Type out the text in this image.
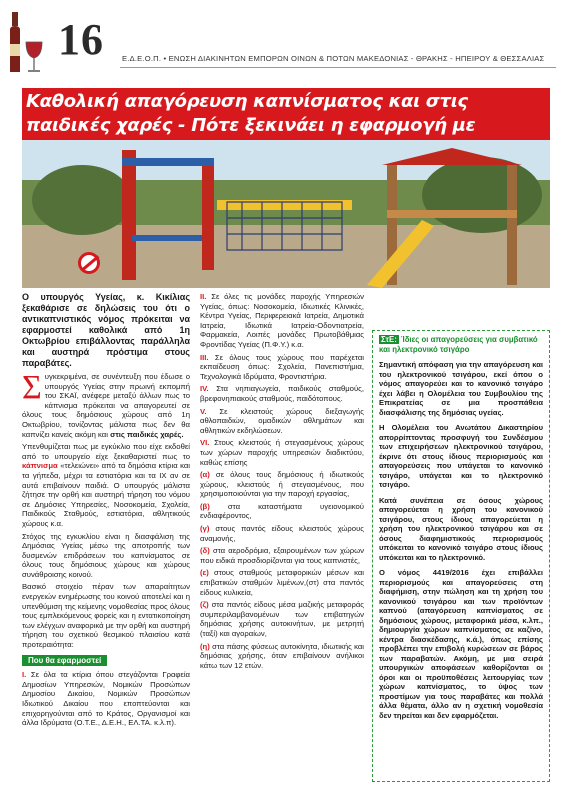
16 Ε.Δ.Ε.Ο.Π. • ΕΝΩΣΗ ΔΙΑΚΙΝΗΤΩΝ ΕΜΠΟΡΩΝ ΟΙΝΩΝ & ΠΟΤΩΝ ΜΑΚΕΔΟΝΙΑΣ - ΘΡΑΚΗΣ - ΗΠΕΙΡΟΥ & ΘΕΣΣΑΛΙΑΣ
Καθολική απαγόρευση καπνίσματος και στις παιδικές χαρές - Πότε ξεκινάει η εφαρμογή με

Ο υπουργός Υγείας, κ. Κικίλιας ξεκαθάρισε σε δηλώσεις του ότι ο αντικαπνιστικός νόμος πρόκειται να εφαρμοστεί καθολικά από 1η Οκτωβρίου επιβάλλοντας παράλληλα και αυστηρά πρόστιμα στους παραβάτες.

Συγκεκριμένα, σε συνέντευξη που έδωσε ο υπουργός Υγείας στην πρωινή εκπομπή του ΣΚΑΪ, ανέφερε μεταξύ άλλων πως το κάπνισμα πρόκειται να απαγορευτεί σε όλους τους δημόσιους χώρους από 1η Οκτωβρίου, τονίζοντας μάλιστα πως δεν θα καπνίζει κανείς ακόμη και στις παιδικές χαρές.

Υπενθυμίζεται πως με εγκύκλιο που είχε εκδοθεί από το υπουργείο είχε ξεκαθαριστεί πως το κάπνισμα «τελειώνει» από τα δημόσια κτίρια και τα γήπεδα, μέχρι τα εστιατόρια και τα ΙΧ αν σε αυτά επιβαίνουν παιδιά. Ο υπουργός μάλιστα ζήτησε την ορθή και αυστηρή τήρηση του νόμου σε Δημόσιες Υπηρεσίες, Νοσοκομεία, Σχολεία, Παιδικούς Σταθμούς, εστιατόρια, αθλητικούς χώρους κ.α.

Στόχος της εγκυκλίου είναι η διασφάλιση της Δημόσιας Υγείας μέσω της αποτροπής των δυσμενών επιδράσεων του καπνίσματος σε όλους τους δημόσιους χώρους και χώρους συνάθροισης κοινού.

Βασικό στοιχείο πέραν των απαραίτητων ενεργειών ενημέρωσης του κοινού αποτελεί και η υπενθύμιση της κείμενης νομοθεσίας προς όλους τους εμπλεκόμενους φορείς και η εντατικοποίηση των ελέγχων αναφορικά με την ορθή και αυστηρή τήρηση του σχετικού θεσμικού πλαισίου κατά προτεραιότητα:

Που θα εφαρμοστεί

I. Σε όλα τα κτίρια όπου στεγάζονται Γραφεία Δημοσίων Υπηρεσιών, Νομικών Προσώπων Δημοσίου Δικαίου, Νομικών Προσώπων Ιδιωτικού Δικαίου που εποπτεύονται και επιχορηγούνται από το Κράτος, Οργανισμοί και άλλα Ιδρύματα (Ο.Τ.Ε., Δ.Ε.Η., ΕΛ.ΤΑ. κ.λ.π).

II. Σε όλες τις μονάδες παροχής Υπηρεσιών Υγείας, όπως: Νοσοκομεία, Ιδιωτικές Κλινικές, Κέντρα Υγείας, Περιφερειακά Ιατρεία, Δημοτικά Ιατρεία, Ιδιωτικά Ιατρεία-Οδοντιατρεία, Φαρμακεία, Λοιπές μονάδες Πρωτοβάθμιας Φροντίδας Υγείας (Π.Φ.Υ.) κ.α.

III. Σε όλους τους χώρους που παρέχεται εκπαίδευση όπως: Σχολεία, Πανεπιστήμια, Τεχνολογικά Ιδρύματα, Φροντιστήρια.

IV. Στα νηπιαγωγεία, παιδικούς σταθμούς, βρεφονηπιακούς σταθμούς, παιδότοπους.

V. Σε κλειστούς χώρους διεξαγωγής αθλοπαιδιών, ομαδικών αθλημάτων και αθλητικών εκδηλώσεων.

VI. Στους κλειστούς ή στεγασμένους χώρους των χώρων παροχής υπηρεσιών διαδικτύου, καθώς επίσης

(α) σε όλους τους δημόσιους ή ιδιωτικούς χώρους, κλειστούς ή στεγασμένους, που χρησιμοποιούνται για την παροχή εργασίας,

(β) στα καταστήματα υγειονομικού ενδιαφέροντος,

(γ) στους παντός είδους κλειστούς χώρους αναμονής,

(δ) στα αεροδρόμια, εξαιρουμένων των χώρων που ειδικά προσδιορίζονται για τους καπνιστές,

(ε) στους σταθμούς μεταφορικών μέσων και επιβατικών σταθμών λιμένων,(στ) στα παντός είδους κυλικεία,

(ζ) στα παντός είδους μέσα μαζικής μεταφοράς συμπεριλαμβανομένων των επιβατηγών δημόσιας χρήσης αυτοκινήτων, με μετρητή (ταξί) και αγοραίων,

(η) στα πάσης φύσεως αυτοκίνητα, ιδιωτικής και δημόσιας χρήσης, όταν επιβαίνουν ανήλικοι κάτω των 12 ετών.

ΣτΕ: Ίδιες οι απαγορεύσεις για συμβατικό και ηλεκτρονικό τσιγάρο

Σημαντική απόφαση για την απαγόρευση και του ηλεκτρονικού τσιγάρου, εκεί όπου ο νόμος απαγορεύει και το κανονικό τσιγάρο έχει λάβει η Ολομέλεια του Συμβουλίου της Επικρατείας σε μια προσπάθεια διασφάλισης της δημόσιας υγείας.

Η Ολομέλεια του Ανωτάτου Δικαστηρίου απορρίπτοντας προσφυγή του Συνδέσμου των επιχειρήσεων ηλεκτρονικού τσιγάρου, έκρινε ότι στους ίδιους περιορισμούς και απαγορεύσεις που υπάγεται το κανονικό τσιγάρο, υπάγεται και το ηλεκτρονικό τσιγάρο.

Κατά συνέπεια σε όσους χώρους απαγορεύεται η χρήση του κανονικού τσιγάρου, στους ίδιους απαγορεύεται η χρήση του ηλεκτρονικού τσιγάρου και σε όσους διαφημιστικούς περιορισμούς υπόκειται το κανονικό τσιγάρο στους ίδιους υπόκειται και το ηλεκτρονικό.

Ο νόμος 4419/2016 έχει επιβάλλει περιορισμούς και απαγορεύσεις στη διαφήμιση, στην πώληση και τη χρήση του κανονικού τσιγάρου και των προϊόντων καπνού (απαγόρευση καπνίσματος σε δημόσιους χώρους, μεταφορικά μέσα, κ.λπ., δημιουργία χώρων καπνίσματος σε καζίνο, κέντρα διασκέδασης, κ.ά.), όπως επίσης προβλέπει την επιβολή κυρώσεων σε βάρος των παραβατών. Ακόμη, με μια σειρά υπουργικών αποφάσεων καθορίζονται οι όροι και οι προϋποθέσεις λειτουργίας των χώρων καπνίσματος, το ύψος των προστίμων για τους παραβάτες και πολλά άλλα θέματα, άλλο αν η σχετική νομοθεσία δεν τηρείται και δεν εφαρμόζεται.
